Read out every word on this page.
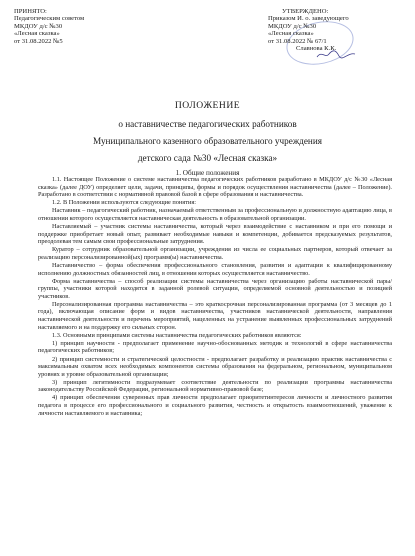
ПРИНЯТО:
Педагогическим советом
МКДОУ д/с №30
«Лесная сказка»
от 31.08.2022 №5
УТВЕРЖДЕНО:
Приказом И. о. заведующего
МКДОУ д/с №30
«Лесная сказка»
от 31.08.2022 № 67/1
Славнова К.К.
ПОЛОЖЕНИЕ
о наставничестве педагогических работников
Муниципального казенного образовательного учреждения
детского сада №30 «Лесная сказка»
1. Общие положения

1.1. Настоящее Положение о системе наставничества педагогических работников разработано в МКДОУ д/с №30 «Лесная сказка» (далее ДОУ) определяет цели, задачи, принципы, формы и порядок осуществления наставничества (далее – Положение). Разработано в соответствии с нормативной правовой базой в сфере образования и наставничества.

1.2. В Положении используются следующие понятия:

Наставник – педагогический работник, назначаемый ответственным за профессиональную и должностную адаптацию лица, в отношении которого осуществляется наставническая деятельность в образовательной организации.

Наставляемый – участник системы наставничества, который через взаимодействие с наставником и при его помощи и поддержке приобретает новый опыт, развивает необходимые навыки и компетенции, добивается предсказуемых результатов, преодолевая тем самым свои профессиональные затруднения.

Куратор – сотрудник образовательной организации, учреждения из числа ее социальных партнеров, который отвечает за реализацию персонализированной(ых) программ(ы) наставничества.

Наставничество – форма обеспечения профессионального становления, развития и адаптации к квалифицированному исполнению должностных обязанностей лиц, в отношении которых осуществляется наставничество.

Форма наставничества – способ реализации системы наставничества через организацию работы наставнической пары/группы, участники которой находятся в заданной ролевой ситуации, определяемой основной деятельностью и позицией участников.

Персонализированная программа наставничества – это краткосрочная персонализированная программа (от 3 месяцев до 1 года), включающая описание форм и видов наставничества, участников наставнической деятельности, направления наставнической деятельности и перечень мероприятий, нацеленных на устранение выявленных профессиональных затруднений наставляемого и на поддержку его сильных сторон.

1.3. Основными принципами системы наставничества педагогических работников являются:

1) принцип научности - предполагает применение научно-обоснованных методик и технологий в сфере наставничества педагогических работников;

2) принцип системности и стратегической целостности - предполагает разработку и реализацию практик наставничества с максимальным охватом всех необходимых компонентов системы образования на федеральном, региональном, муниципальном уровнях и уровне образовательной организации;

3) принцип легитимности подразумевает соответствие деятельности по реализации программы наставничества законодательству Российской Федерации, региональной нормативно-правовой базе;

4) принцип обеспечения суверенных прав личности предполагает приоритетинтересов личности и личностного развития педагога в процессе его профессионального и социального развития, честность и открытость взаимоотношений, уважение к личности наставляемого и наставника;
